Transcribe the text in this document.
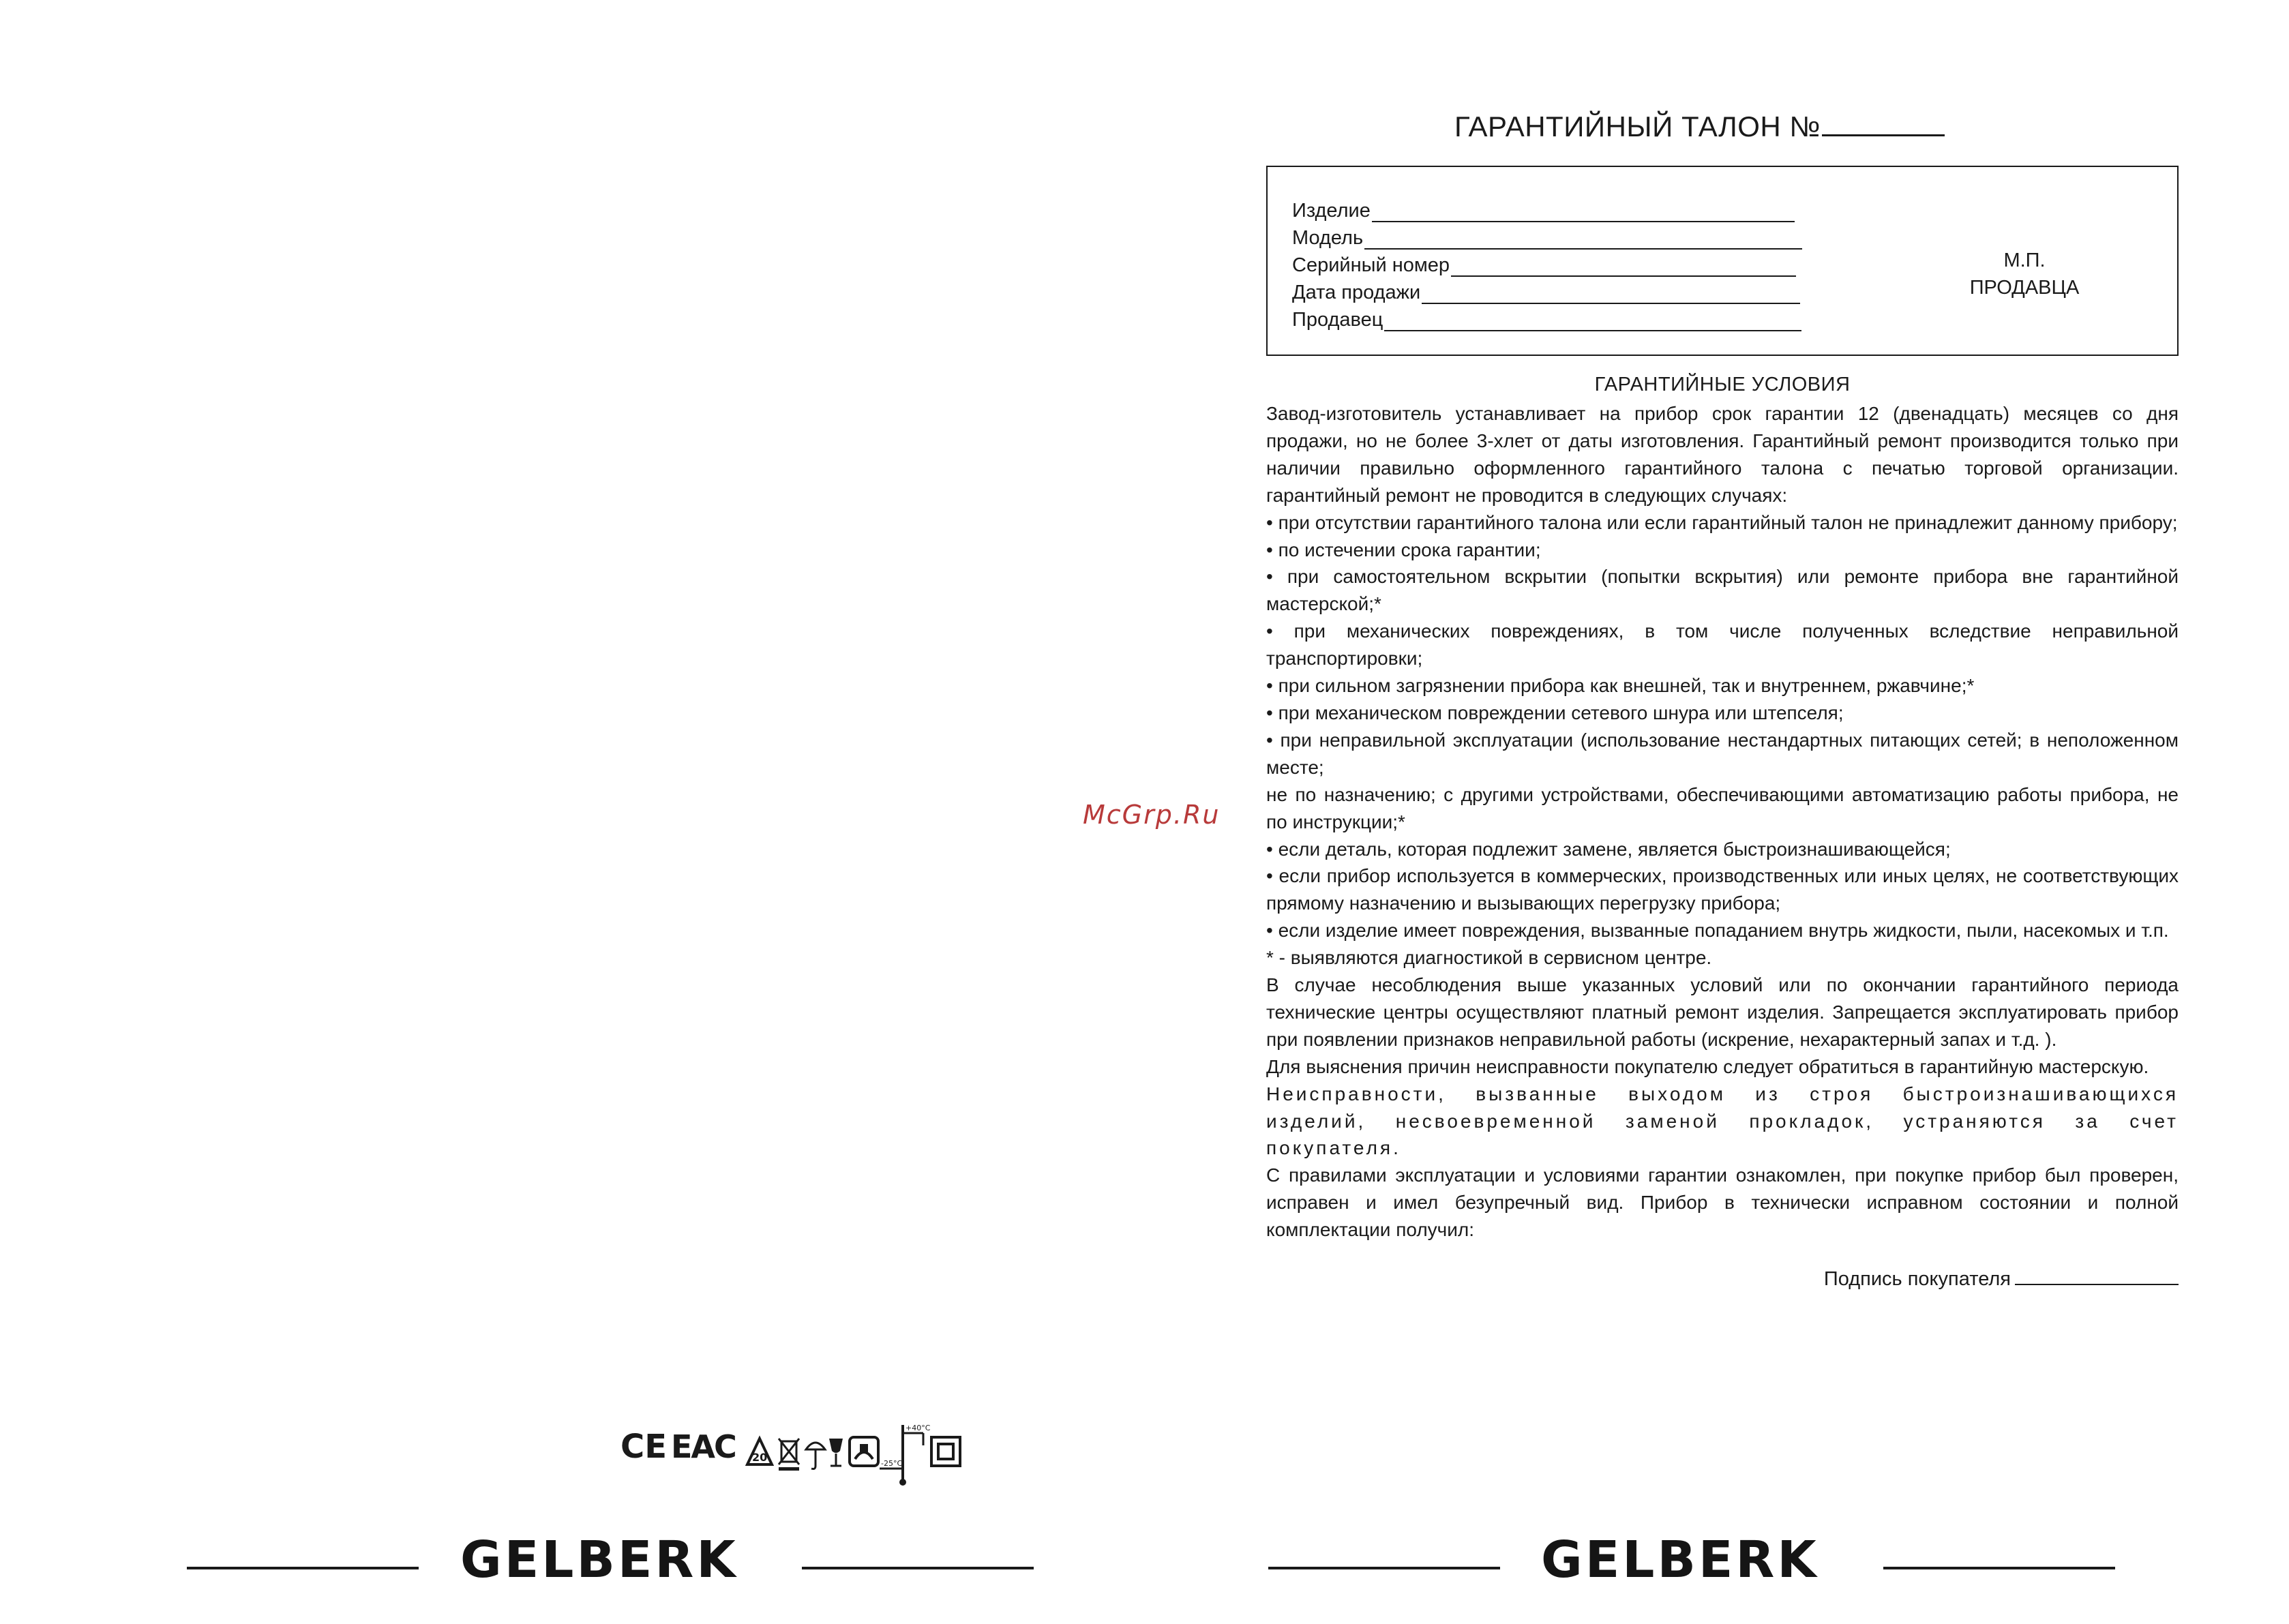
ГАРАНТИЙНЫЙ ТАЛОН №
Изделие
Модель
Серийный номер
Дата продажи
Продавец
М.П.
ПРОДАВЦА
ГАРАНТИЙНЫЕ УСЛОВИЯ

Завод-изготовитель устанавливает на прибор срок гарантии 12 (двенадцать) месяцев со дня продажи, но не более 3-хлет от даты изготовления. Гарантийный ремонт производится только при наличии правильно оформленного гарантийного талона с печатью торговой организации. гарантийный ремонт не проводится в следующих случаях:

• при отсутствии гарантийного талона или если гарантийный талон не принадлежит данному прибору;

• по истечении срока гарантии;

• при самостоятельном вскрытии (попытки вскрытия) или ремонте прибора вне гарантийной мастерской;*

• при механических повреждениях, в том числе полученных вследствие неправильной транспортировки;

• при сильном загрязнении прибора как внешней, так и внутреннем, ржавчине;*

• при механическом повреждении сетевого шнура или штепселя;

• при неправильной эксплуатации (использование нестандартных питающих сетей; в неположенном месте;

не по назначению; с другими устройствами, обеспечивающими автоматизацию работы прибора, не по инструкции;*

• если деталь, которая подлежит замене, является быстроизнашивающейся;

• если прибор используется в коммерческих, производственных или иных целях, не соответствующих прямому назначению и вызывающих перегрузку прибора;

• если изделие имеет повреждения, вызванные попаданием внутрь жидкости, пыли, насекомых и т.п.

* - выявляются диагностикой в сервисном центре.

В случае несоблюдения выше указанных условий или по окончании гарантийного периода технические центры осуществляют платный ремонт изделия. Запрещается эксплуатировать прибор при появлении признаков неправильной работы (искрение, нехарактерный запах и т.д. ).

Для выяснения причин неисправности покупателю следует обратиться в гарантийную мастерскую.

Неисправности, вызванные выходом из строя быстроизнашивающихся изделий, несвоевременной заменой прокладок, устраняются за счет покупателя.

С правилами эксплуатации и условиями гарантии ознакомлен, при покупке прибор был проверен, исправен и имел безупречный вид. Прибор в технически исправном состоянии и полной комплектации получил:

Подпись покупателя
McGrp.Ru
CE EAC 20	-25°C
+40°C
GELBERK	GELBERK
